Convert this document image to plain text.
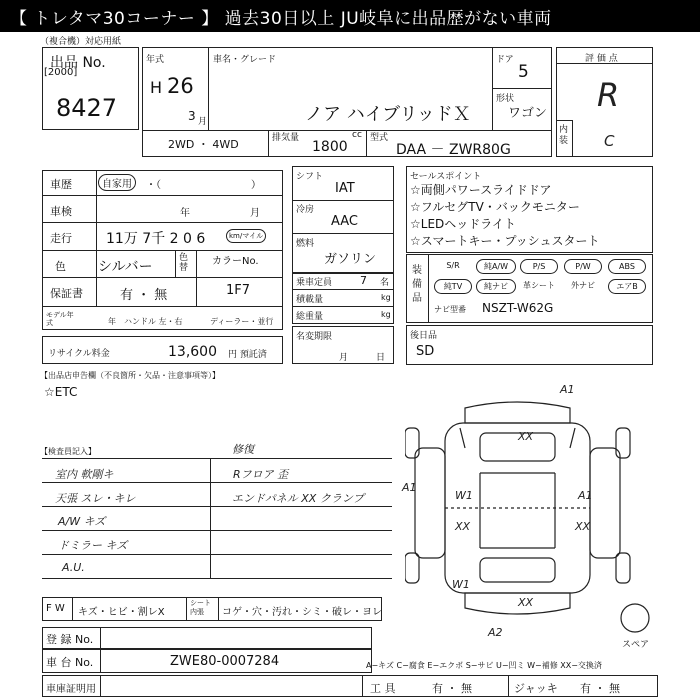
【 トレタマ30コーナー 】 過去30日以上 JU岐阜に出品歴がない車両
（複合機）対応用紙
出品 No.
[2000]
8427
年式
H 26
3 月
車名・グレード
ノア ハイブリッドＸ
ドア
5
形状
ワゴン
2WD ・ 4WD	排気量	cc
1800
型式
DAA － ZWR80G
評 価 点
R
内装 C
車歴	自家用	・（　　　　　　　　　）
車検	年	月
走行 11万 7千 2 0 6	km/マイル
色 シルバー
色替
カラーNo.
1F7
保証書	有 ・ 無
モデル年式	年 ハンドル 左・右	ディーラー・並行
シフト
IAT
冷房
AAC
燃料
ガソリン
乗車定員	7 名
積載量	kg
総重量	kg
名変期限
月	日
リサイクル料金	13,600 円 預託済
セールスポイント
☆両側パワースライドドア
☆フルセグTV・バックモニター
☆LEDヘッドライト
☆スマートキー・プッシュスタート
装備品
S/R	純A/W	P/S	P/W	ABS
純TV	純ナビ	革シート	外ナビ	エアB
ナビ型番 NSZT-W62G
後日品
SD
【出品店申告欄（不良箇所・欠品・注意事項等）】
☆ETC
【検査員記入】
室内 軟剛キ
天張 スレ・キレ
A/W キズ
ドミラー キズ
A.U.
修復
Rフロア 歪
エンドパネル XX クランプ
A1
XX
A1
W1	A1
XX	XX
W1
XX
A2
スペア
F W キズ・ヒビ・割レX
シート内張	コゲ・穴・汚れ・シミ・破レ・ヨレ
登 録 No.
車 台 No.	ZWE80-0007284	A−キズ C−腐食 E−エクボ S−サビ U−凹ミ W−補修 XX−交換済
車庫証明用	工 具	有 ・ 無	ジャッキ 有 ・ 無
